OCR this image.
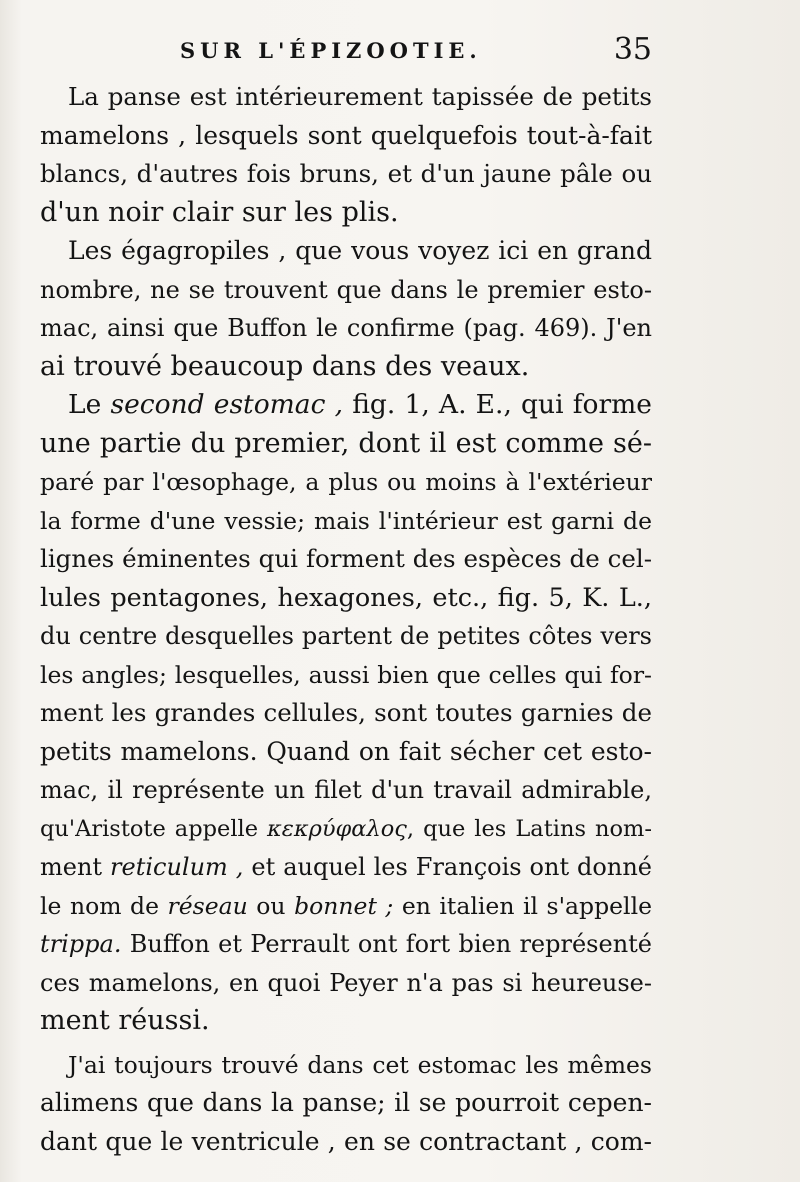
SUR L'ÉPIZOOTIE.	35
La panse est intérieurement tapissée de petits
mamelons , lesquels sont quelquefois tout-à-fait
blancs, d'autres fois bruns, et d'un jaune pâle ou
d'un noir clair sur les plis.
Les égagropiles , que vous voyez ici en grand
nombre, ne se trouvent que dans le premier esto-
mac, ainsi que Buffon le confirme (pag. 469). J'en
ai trouvé beaucoup dans des veaux.
Le second estomac , fig. 1, A. E., qui forme
une partie du premier, dont il est comme sé-
paré par l'œsophage, a plus ou moins à l'extérieur
la forme d'une vessie; mais l'intérieur est garni de
lignes éminentes qui forment des espèces de cel-
lules pentagones, hexagones, etc., fig. 5, K. L.,
du centre desquelles partent de petites côtes vers
les angles; lesquelles, aussi bien que celles qui for-
ment les grandes cellules, sont toutes garnies de
petits mamelons. Quand on fait sécher cet esto-
mac, il représente un filet d'un travail admirable,
qu'Aristote appelle κεκρύφαλος, que les Latins nom-
ment reticulum , et auquel les François ont donné
le nom de réseau ou bonnet ; en italien il s'appelle
trippa. Buffon et Perrault ont fort bien représenté
ces mamelons, en quoi Peyer n'a pas si heureuse-
ment réussi.
J'ai toujours trouvé dans cet estomac les mêmes
alimens que dans la panse; il se pourroit cepen-
dant que le ventricule , en se contractant , com-
